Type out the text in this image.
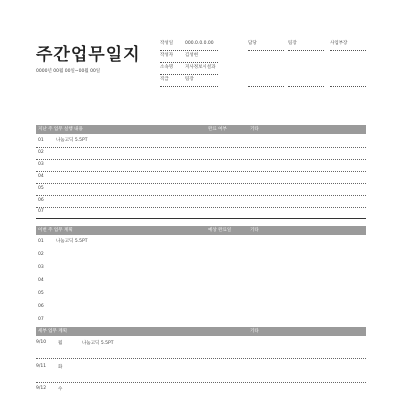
주간업무일지
0000년 00월 00일~00월 00일
작성일	000.0.0.0.00
작성자	김성현
소속명	지사정보시설과
직급	팀장
담당	팀장	사업부장
지난 주 업무 실행 내용	완료 여부	기타
01	나눔고딕 5.5PT
02
03
04
05
06
07
이번 주 업무 계획	예상 완료일	기타
01	나눔고딕 5.5PT
02
03
04
05
06
07
세부 업무 계획	기타
9/10	월	나눔고딕 5.5PT
9/11	화
9/12	수
